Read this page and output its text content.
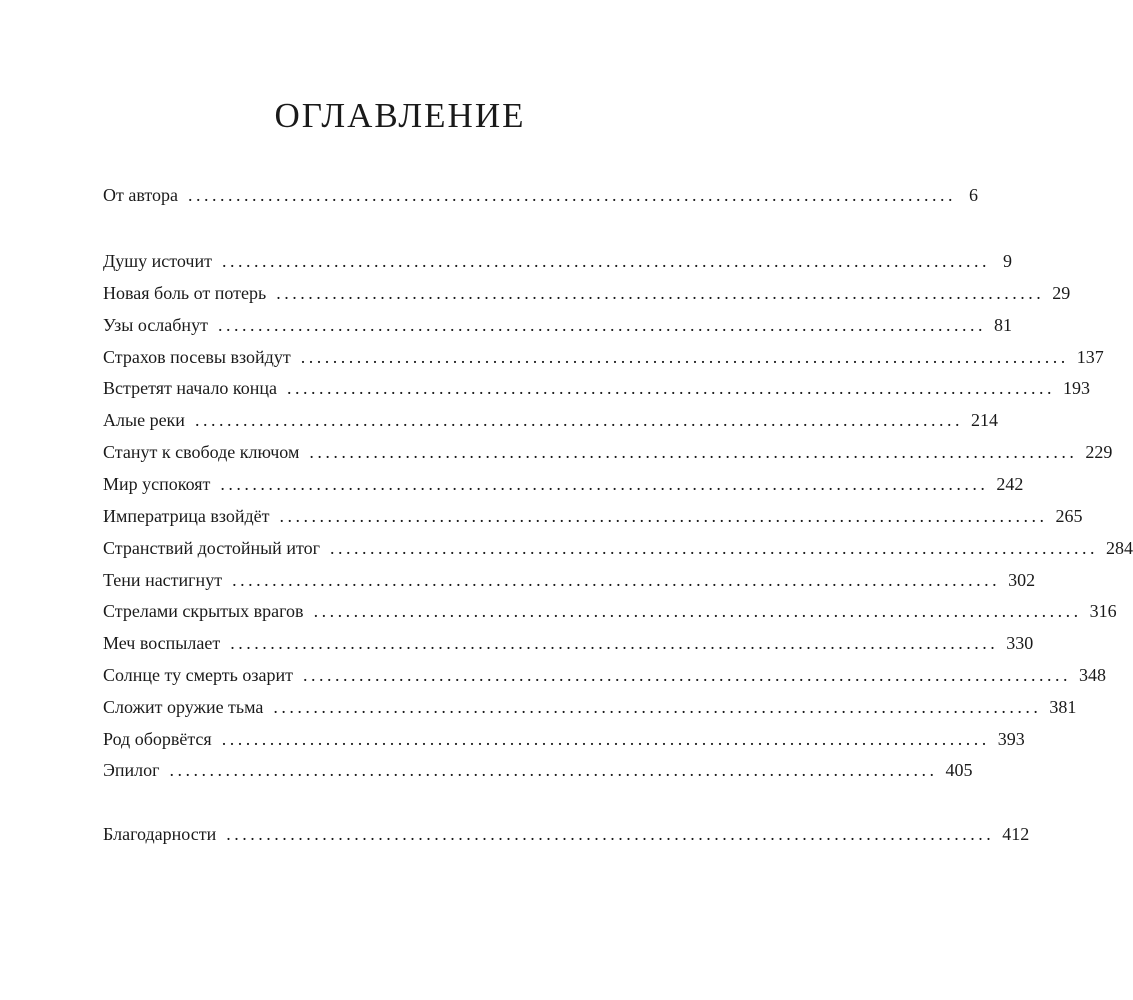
ОГЛАВЛЕНИЕ
От автора ................................................................................................ 6
Душу источит ................................................................................................ 9
Новая боль от потерь ................................................................................................ 29
Узы ослабнут ................................................................................................ 81
Страхов посевы взойдут ................................................................................................ 137
Встретят начало конца ................................................................................................ 193
Алые реки ................................................................................................ 214
Станут к свободе ключом ................................................................................................ 229
Мир успокоят ................................................................................................ 242
Императрица взойдёт ................................................................................................ 265
Странствий достойный итог ................................................................................................ 284
Тени настигнут ................................................................................................ 302
Стрелами скрытых врагов ................................................................................................ 316
Меч воспылает ................................................................................................ 330
Солнце ту смерть озарит ................................................................................................ 348
Сложит оружие тьма ................................................................................................ 381
Род оборвётся ................................................................................................ 393
Эпилог ................................................................................................ 405
Благодарности ................................................................................................ 412
